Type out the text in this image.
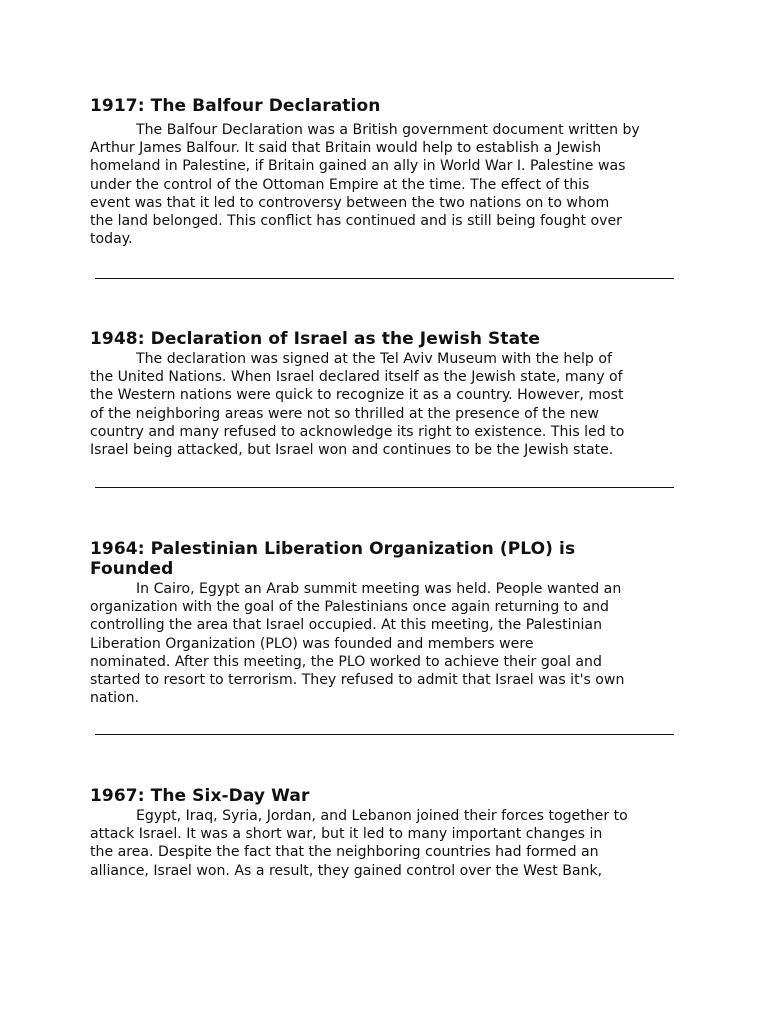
1917: The Balfour Declaration

The Balfour Declaration was a British government document written by
Arthur James Balfour. It said that Britain would help to establish a Jewish
homeland in Palestine, if Britain gained an ally in World War I. Palestine was
under the control of the Ottoman Empire at the time. The effect of this
event was that it led to controversy between the two nations on to whom
the land belonged. This conflict has continued and is still being fought over
today.

1948: Declaration of Israel as the Jewish State

The declaration was signed at the Tel Aviv Museum with the help of
the United Nations. When Israel declared itself as the Jewish state, many of
the Western nations were quick to recognize it as a country. However, most
of the neighboring areas were not so thrilled at the presence of the new
country and many refused to acknowledge its right to existence. This led to
Israel being attacked, but Israel won and continues to be the Jewish state.

1964: Palestinian Liberation Organization (PLO) is
Founded

In Cairo, Egypt an Arab summit meeting was held. People wanted an
organization with the goal of the Palestinians once again returning to and
controlling the area that Israel occupied. At this meeting, the Palestinian
Liberation Organization (PLO) was founded and members were
nominated. After this meeting, the PLO worked to achieve their goal and
started to resort to terrorism. They refused to admit that Israel was it's own
nation.

1967: The Six-Day War

Egypt, Iraq, Syria, Jordan, and Lebanon joined their forces together to
attack Israel. It was a short war, but it led to many important changes in
the area. Despite the fact that the neighboring countries had formed an
alliance, Israel won. As a result, they gained control over the West Bank,
